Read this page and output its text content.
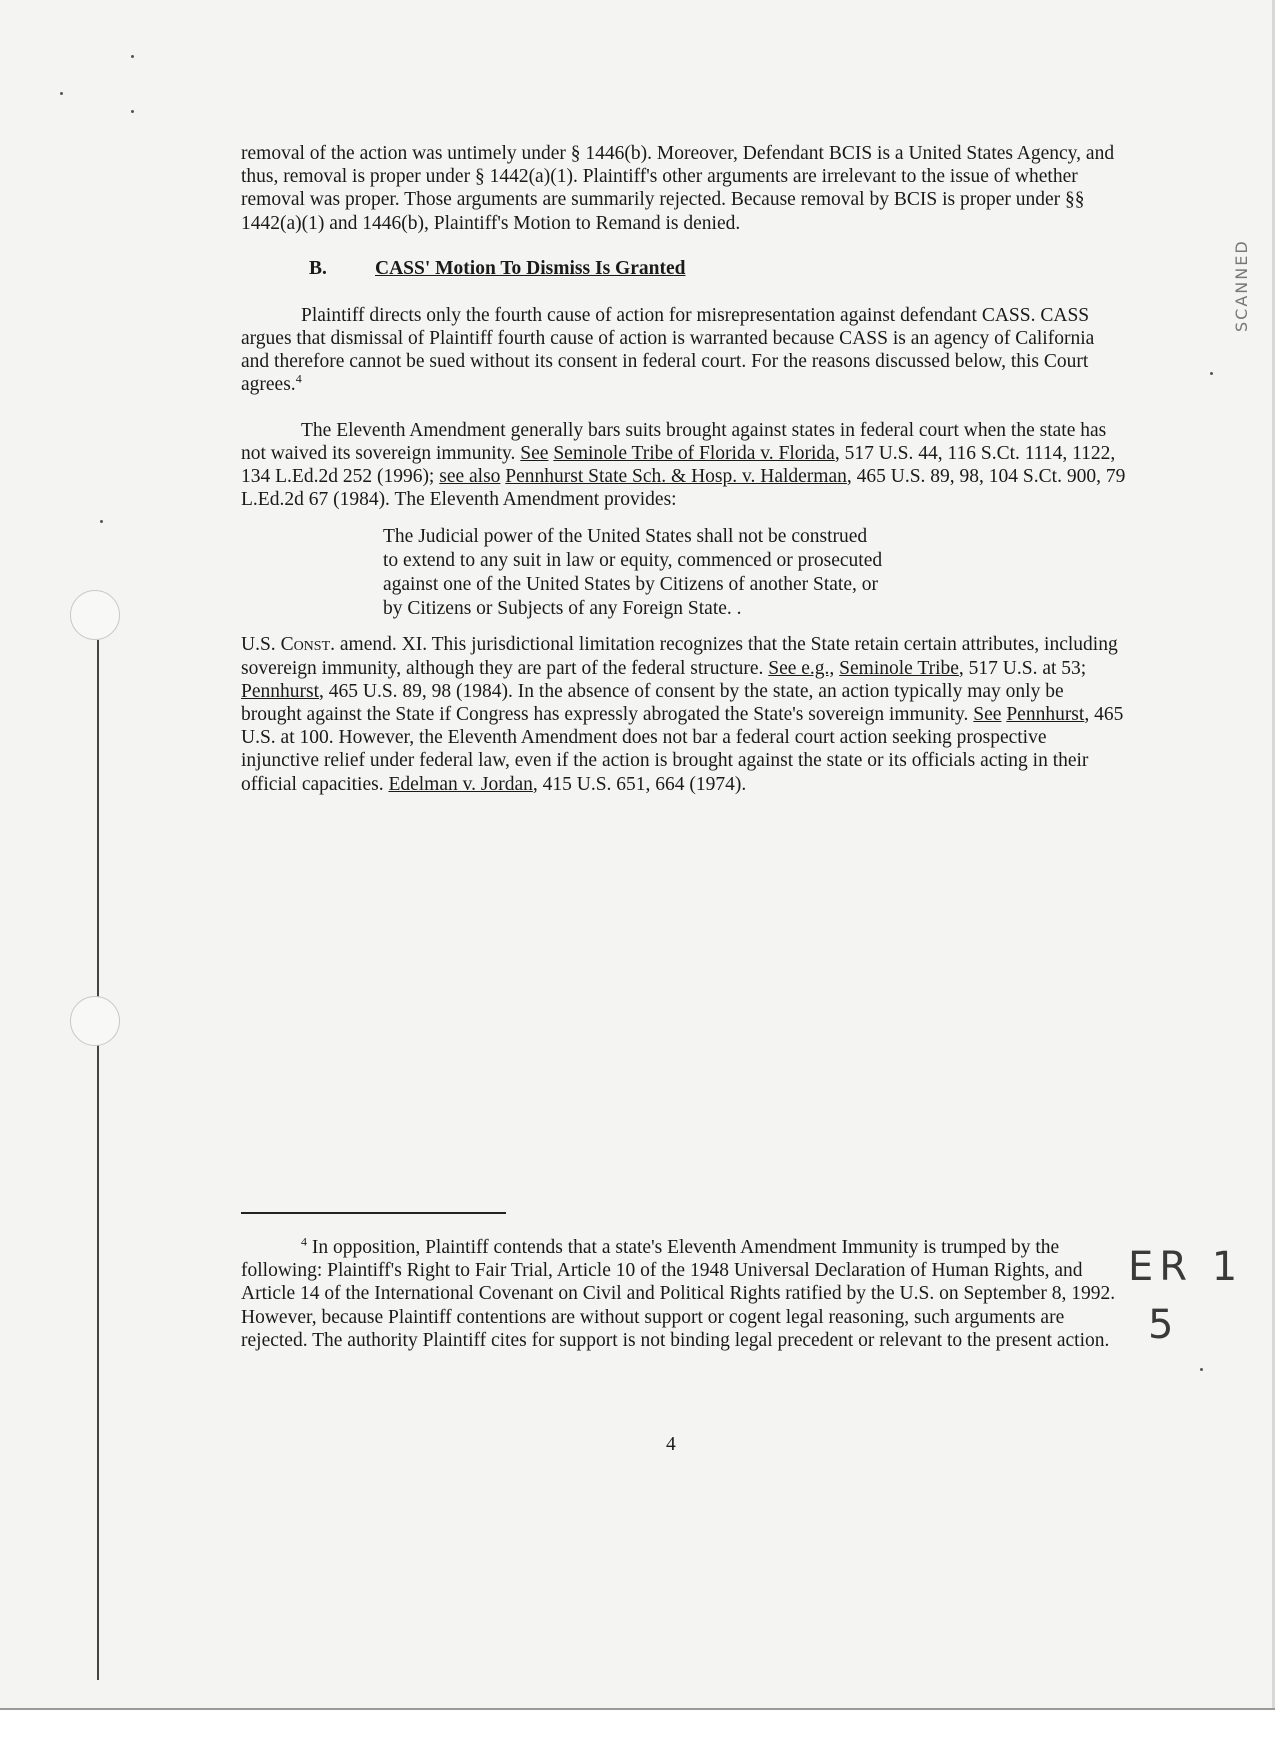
SCANNED

removal of the action was untimely under § 1446(b). Moreover, Defendant BCIS is a United States Agency, and thus, removal is proper under § 1442(a)(1). Plaintiff's other arguments are irrelevant to the issue of whether removal was proper. Those arguments are summarily rejected. Because removal by BCIS is proper under §§ 1442(a)(1) and 1446(b), Plaintiff's Motion to Remand is denied.

B. CASS' Motion To Dismiss Is Granted

Plaintiff directs only the fourth cause of action for misrepresentation against defendant CASS. CASS argues that dismissal of Plaintiff fourth cause of action is warranted because CASS is an agency of California and therefore cannot be sued without its consent in federal court. For the reasons discussed below, this Court agrees.$^4$

The Eleventh Amendment generally bars suits brought against states in federal court when the state has not waived its sovereign immunity. See Seminole Tribe of Florida v. Florida, 517 U.S. 44, 116 S.Ct. 1114, 1122, 134 L.Ed.2d 252 (1996); see also Pennhurst State Sch. & Hosp. v. Halderman, 465 U.S. 89, 98, 104 S.Ct. 900, 79 L.Ed.2d 67 (1984). The Eleventh Amendment provides:

The Judicial power of the United States shall not be construed
to extend to any suit in law or equity, commenced or prosecuted
against one of the United States by Citizens of another State, or
by Citizens or Subjects of any Foreign State. .

U.S. Const. amend. XI. This jurisdictional limitation recognizes that the State retain certain attributes, including sovereign immunity, although they are part of the federal structure. See e.g., Seminole Tribe, 517 U.S. at 53; Pennhurst, 465 U.S. 89, 98 (1984). In the absence of consent by the state, an action typically may only be brought against the State if Congress has expressly abrogated the State's sovereign immunity. See Pennhurst, 465 U.S. at 100. However, the Eleventh Amendment does not bar a federal court action seeking prospective injunctive relief under federal law, even if the action is brought against the state or its officials acting in their official capacities. Edelman v. Jordan, 415 U.S. 651, 664 (1974).

$^4$ In opposition, Plaintiff contends that a state's Eleventh Amendment Immunity is trumped by the following: Plaintiff's Right to Fair Trial, Article 10 of the 1948 Universal Declaration of Human Rights, and Article 14 of the International Covenant on Civil and Political Rights ratified by the U.S. on September 8, 1992. However, because Plaintiff contentions are without support or cogent legal reasoning, such arguments are rejected. The authority Plaintiff cites for support is not binding legal precedent or relevant to the present action.

4
ER 1
5
